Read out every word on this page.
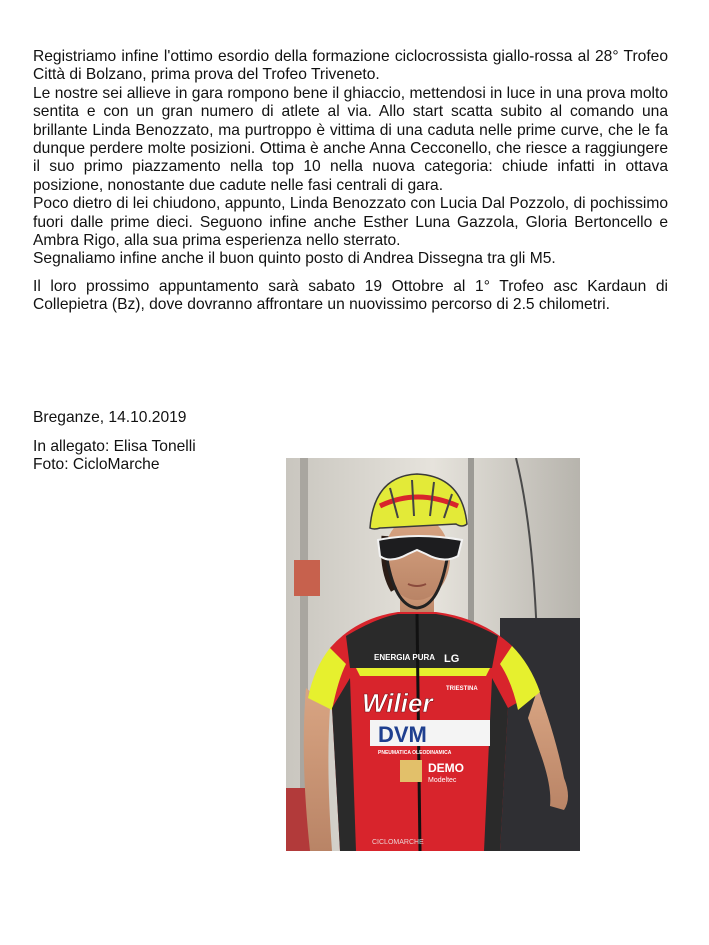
Registriamo infine l'ottimo esordio della formazione ciclocrossista giallo-rossa al 28° Trofeo Città di Bolzano, prima prova del Trofeo Triveneto.

Le nostre sei allieve in gara rompono bene il ghiaccio, mettendosi in luce in una prova molto sentita e con un gran numero di atlete al via. Allo start scatta subito al comando una brillante Linda Benozzato, ma purtroppo è vittima di una caduta nelle prime curve, che le fa dunque perdere molte posizioni. Ottima è anche Anna Cecconello, che riesce a raggiungere il suo primo piazzamento nella top 10 nella nuova categoria: chiude infatti in ottava posizione, nonostante due cadute nelle fasi centrali di gara.

Poco dietro di lei chiudono, appunto, Linda Benozzato con Lucia Dal Pozzolo, di pochissimo fuori dalle prime dieci. Seguono infine anche Esther Luna Gazzola, Gloria Bertoncello e Ambra Rigo, alla sua prima esperienza nello sterrato.

Segnaliamo infine anche il buon quinto posto di Andrea Dissegna tra gli M5.

Il loro prossimo appuntamento sarà sabato 19 Ottobre al 1° Trofeo asc Kardaun di Collepietra (Bz), dove dovranno affrontare un nuovissimo percorso di 2.5 chilometri.

Breganze, 14.10.2019

In allegato: Elisa Tonelli

Foto: CicloMarche

ENERGIA PURA LG
TRIESTINA
Wilier
DVM
PNEUMATICA OLEODINAMICA
DEMO
Modeltec
CICLOMARCHE
